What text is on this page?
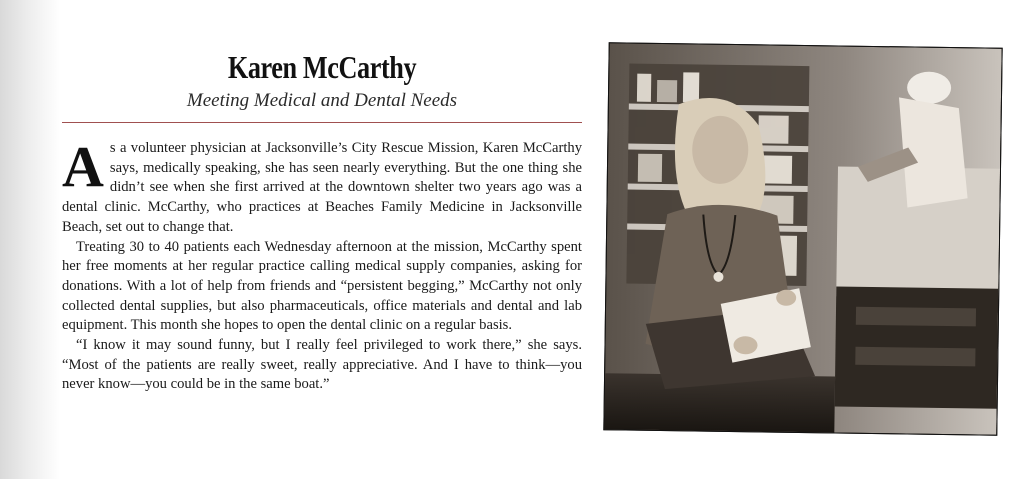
Karen McCarthy
Meeting Medical and Dental Needs

As a volunteer physician at Jacksonville’s City Rescue Mission, Karen McCarthy says, medically speaking, she has seen nearly everything. But the one thing she didn’t see when she first arrived at the downtown shelter two years ago was a dental clinic. McCarthy, who practices at Beaches Family Medicine in Jacksonville Beach, set out to change that.

Treating 30 to 40 patients each Wednesday afternoon at the mission, McCarthy spent her free moments at her regular practice calling medical supply companies, asking for donations. With a lot of help from friends and “persistent begging,” McCarthy not only collected dental supplies, but also pharmaceuticals, office materials and dental and lab equipment. This month she hopes to open the dental clinic on a regular basis.

“I know it may sound funny, but I really feel privileged to work there,” she says. “Most of the patients are really sweet, really appreciative. And I have to think—you never know—you could be in the same boat.”
